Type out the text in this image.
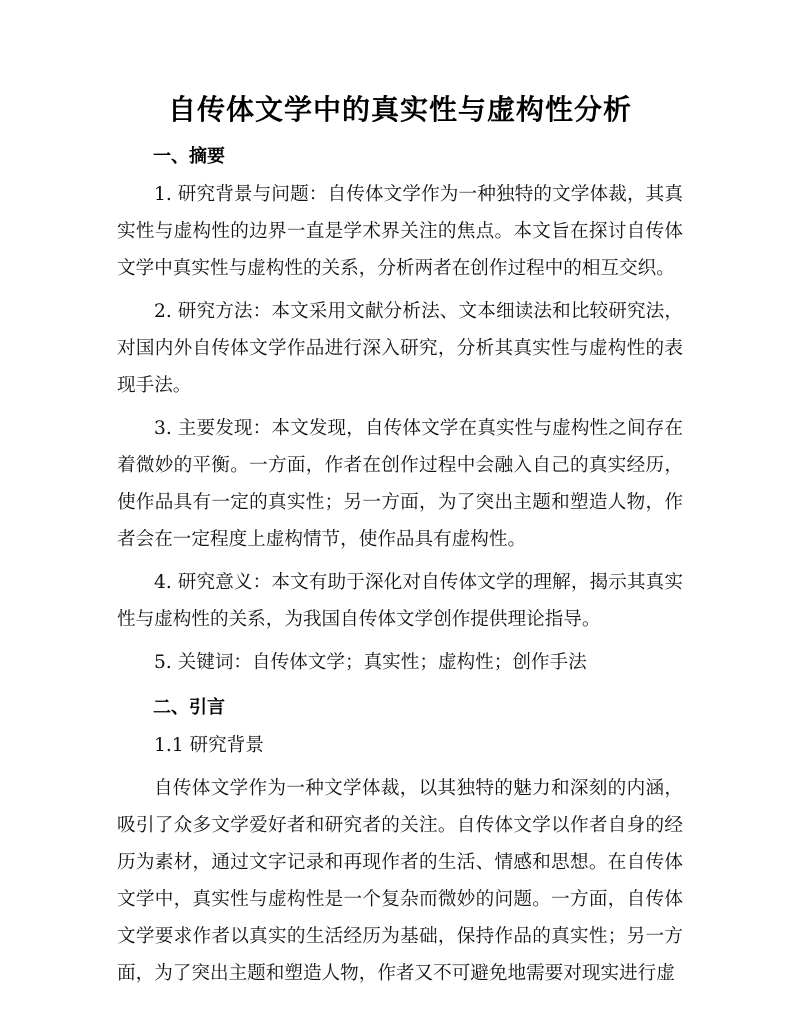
自传体文学中的真实性与虚构性分析
一、摘要

1. 研究背景与问题：自传体文学作为一种独特的文学体裁，其真实性与虚构性的边界一直是学术界关注的焦点。本文旨在探讨自传体文学中真实性与虚构性的关系，分析两者在创作过程中的相互交织。

2. 研究方法：本文采用文献分析法、文本细读法和比较研究法，对国内外自传体文学作品进行深入研究，分析其真实性与虚构性的表现手法。

3. 主要发现：本文发现，自传体文学在真实性与虚构性之间存在着微妙的平衡。一方面，作者在创作过程中会融入自己的真实经历，使作品具有一定的真实性；另一方面，为了突出主题和塑造人物，作者会在一定程度上虚构情节，使作品具有虚构性。

4. 研究意义：本文有助于深化对自传体文学的理解，揭示其真实性与虚构性的关系，为我国自传体文学创作提供理论指导。

5. 关键词：自传体文学；真实性；虚构性；创作手法

二、引言

1.1 研究背景

自传体文学作为一种文学体裁，以其独特的魅力和深刻的内涵，吸引了众多文学爱好者和研究者的关注。自传体文学以作者自身的经历为素材，通过文字记录和再现作者的生活、情感和思想。在自传体文学中，真实性与虚构性是一个复杂而微妙的问题。一方面，自传体文学要求作者以真实的生活经历为基础，保持作品的真实性；另一方面，为了突出主题和塑造人物，作者又不可避免地需要对现实进行虚
